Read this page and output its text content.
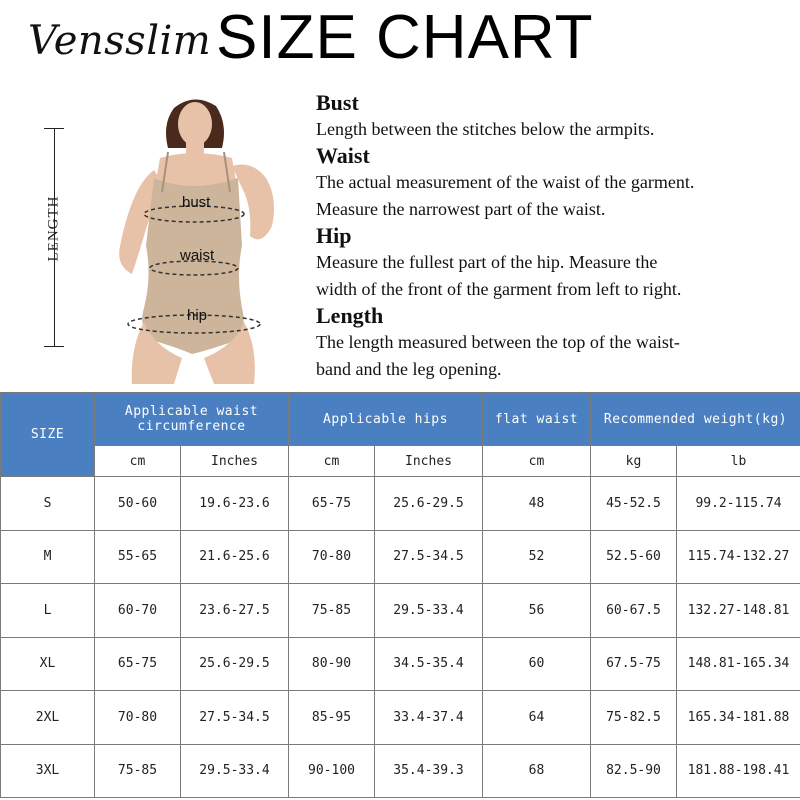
Vensslim SIZE CHART
LENGTH	bust
waist
hip

Bust

Length between the stitches below the armpits.

Waist

The actual measurement of the waist of the garment.

Measure the narrowest part of the waist.

Hip

Measure the fullest part of the hip. Measure the

width of the front of the garment from left to right.

Length

The length measured between the top of the waist-

band and the leg opening.

SIZE	Applicable waist circumference		Applicable hips		flat waist	Recommended weight(kg)	
	cm	Inches	cm	Inches	cm	kg	lb
S	50-60	19.6-23.6	65-75	25.6-29.5	48	45-52.5	99.2-115.74
M	55-65	21.6-25.6	70-80	27.5-34.5	52	52.5-60	115.74-132.27
L	60-70	23.6-27.5	75-85	29.5-33.4	56	60-67.5	132.27-148.81
XL	65-75	25.6-29.5	80-90	34.5-35.4	60	67.5-75	148.81-165.34
2XL	70-80	27.5-34.5	85-95	33.4-37.4	64	75-82.5	165.34-181.88
3XL	75-85	29.5-33.4	90-100	35.4-39.3	68	82.5-90	181.88-198.41
